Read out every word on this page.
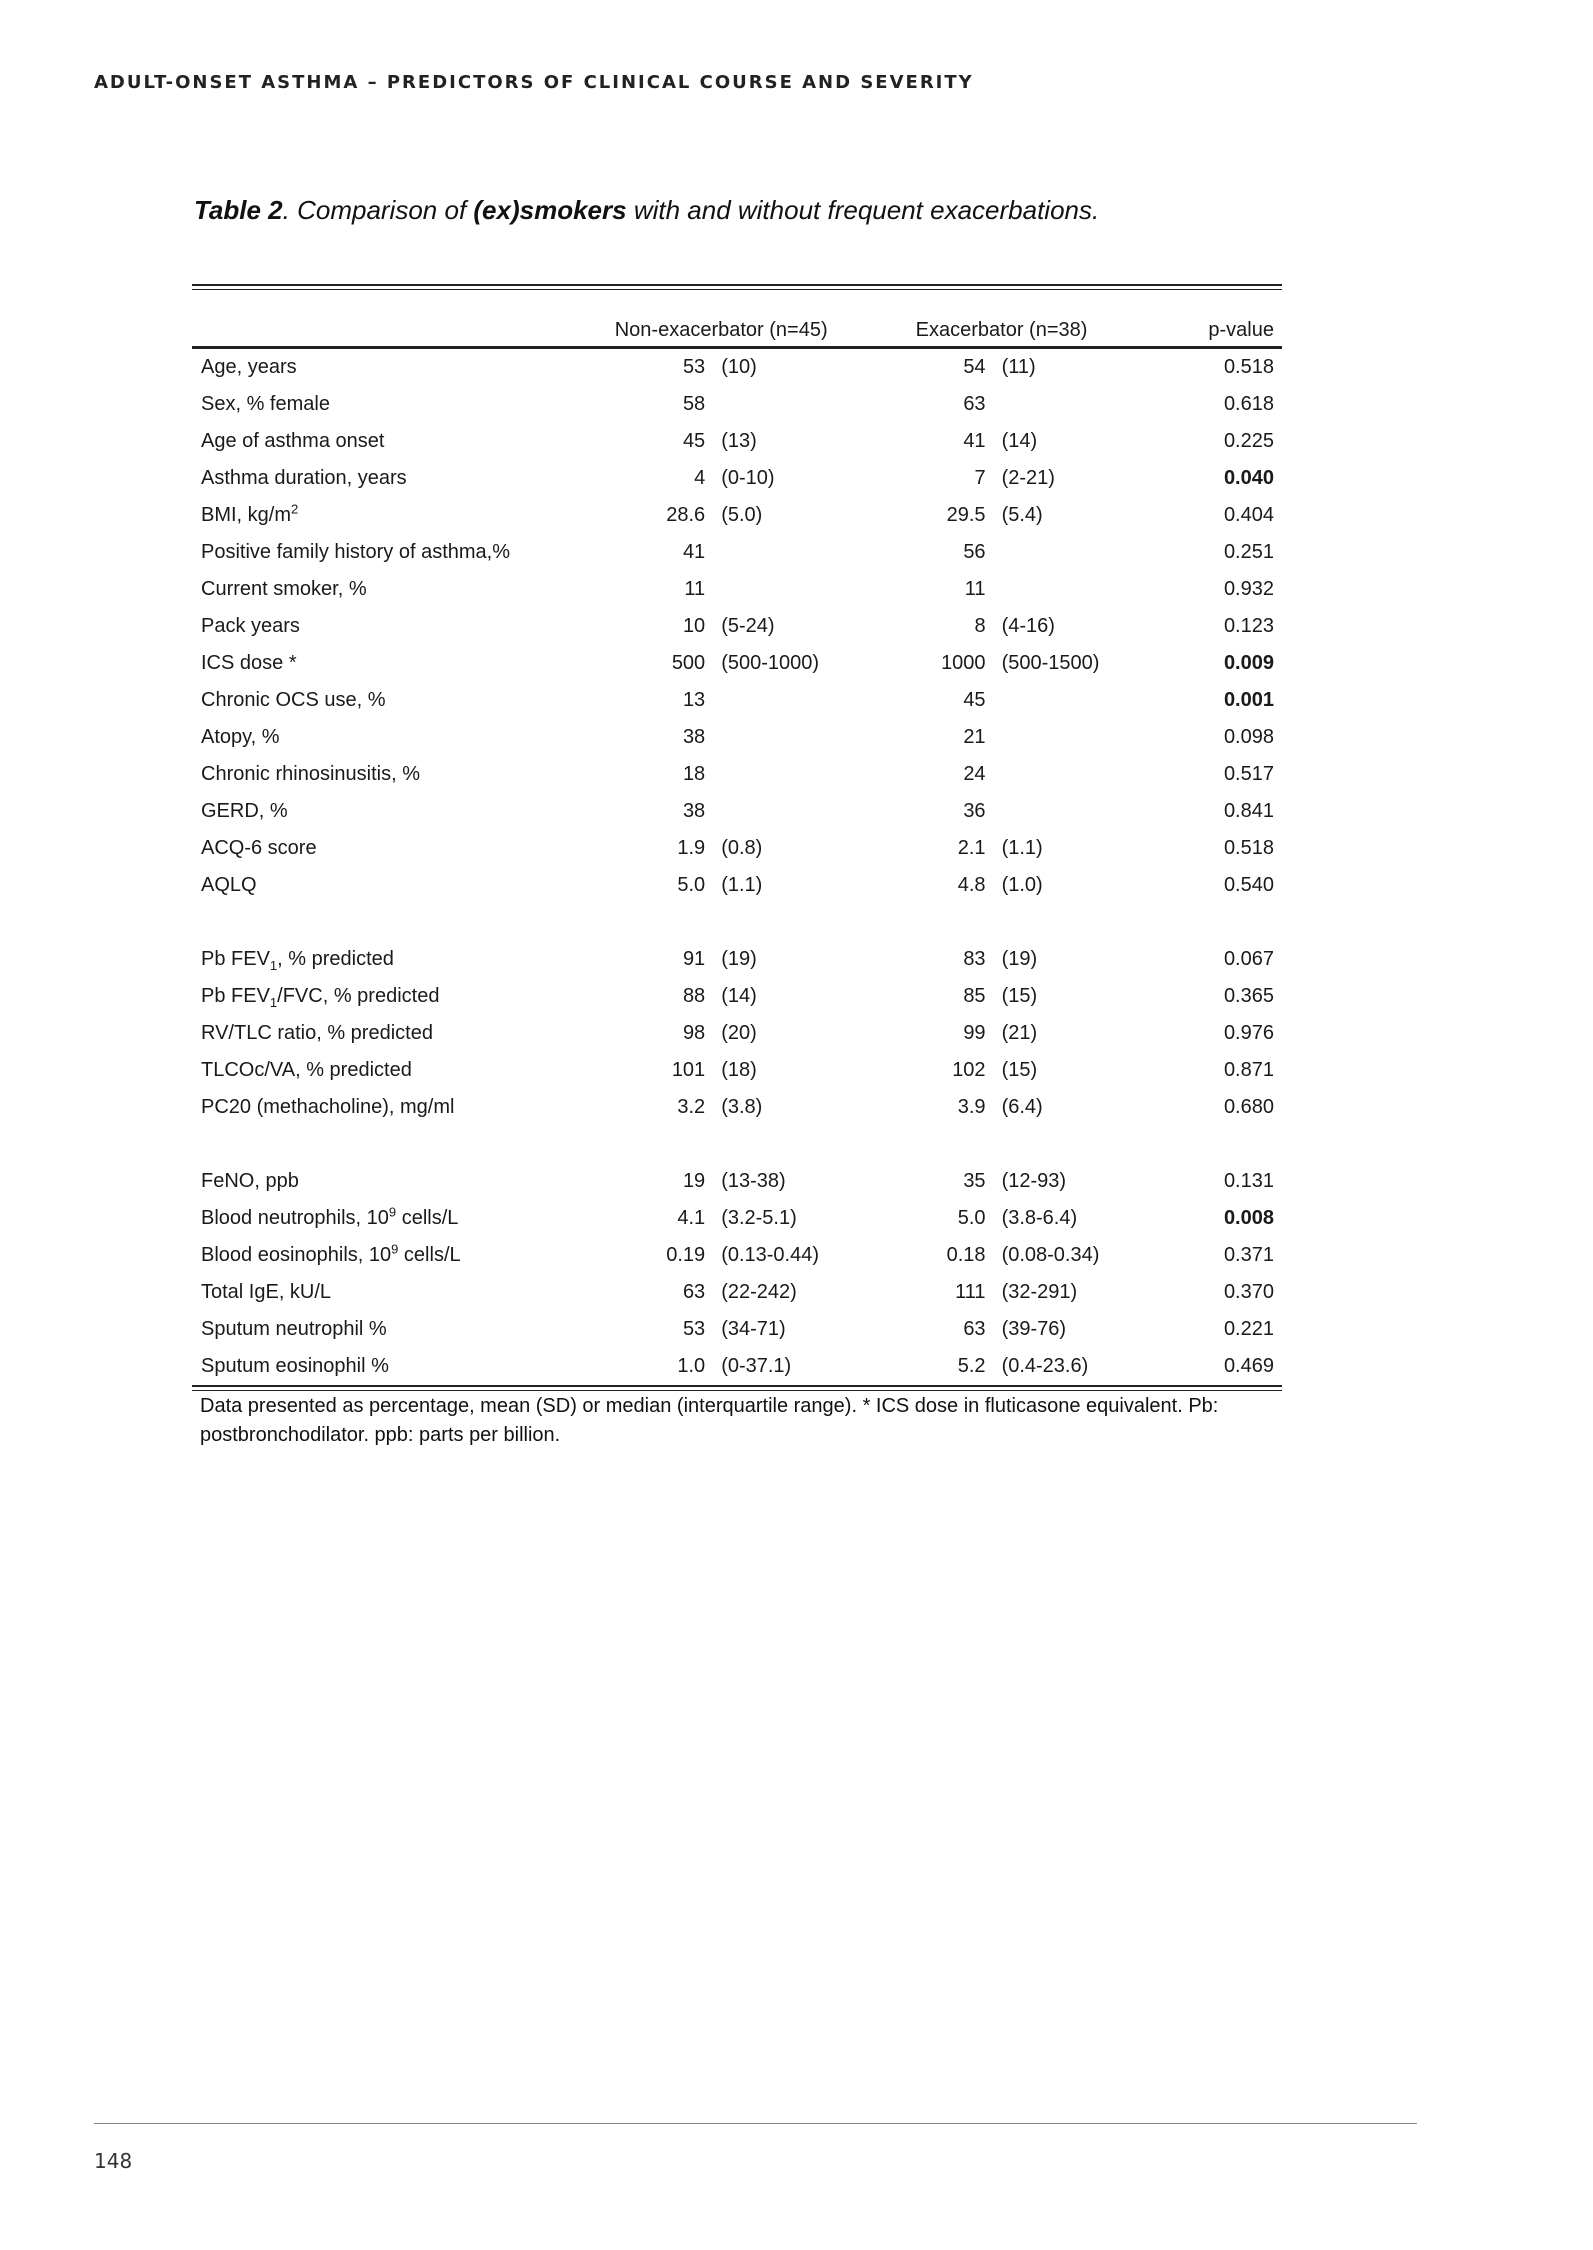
ADULT-ONSET ASTHMA – PREDICTORS OF CLINICAL COURSE AND SEVERITY
Table 2. Comparison of (ex)smokers with and without frequent exacerbations.
	Non-exacerbator (n=45)		Exacerbator (n=38)		p-value
Age, years	53	(10)	54	(11)	0.518
Sex, % female	58		63		0.618
Age of asthma onset	45	(13)	41	(14)	0.225
Asthma duration, years	4	(0-10)	7	(2-21)	0.040
BMI, $kg/m^2$	28.6	(5.0)	29.5	(5.4)	0.404
Positive family history of asthma,%	41		56		0.251
Current smoker, %	11		11		0.932
Pack years	10	(5-24)	8	(4-16)	0.123
ICS dose *	500	(500-1000)	1000	(500-1500)	0.009
Chronic OCS use, %	13		45		0.001
Atopy, %	38		21		0.098
Chronic rhinosinusitis, %	18		24		0.517
GERD, %	38		36		0.841
ACQ-6 score	1.9	(0.8)	2.1	(1.1)	0.518
AQLQ	5.0	(1.1)	4.8	(1.0)	0.540

Pb $FEV_1$, % predicted	91	(19)	83	(19)	0.067
Pb $FEV_1$/FVC, % predicted	88	(14)	85	(15)	0.365
RV/TLC ratio, % predicted	98	(20)	99	(21)	0.976
TLCOc/VA, % predicted	101	(18)	102	(15)	0.871
PC20 (methacholine), mg/ml	3.2	(3.8)	3.9	(6.4)	0.680

FeNO, ppb	19	(13-38)	35	(12-93)	0.131
Blood neutrophils, $10^9$ cells/L	4.1	(3.2-5.1)	5.0	(3.8-6.4)	0.008
Blood eosinophils, $10^9$ cells/L	0.19	(0.13-0.44)	0.18	(0.08-0.34)	0.371
Total IgE, kU/L	63	(22-242)	111	(32-291)	0.370
Sputum neutrophil %	53	(34-71)	63	(39-76)	0.221
Sputum eosinophil %	1.0	(0-37.1)	5.2	(0.4-23.6)	0.469
Data presented as percentage, mean (SD) or median (interquartile range). * ICS dose in fluticasone equivalent. Pb: postbronchodilator. ppb: parts per billion.
148
